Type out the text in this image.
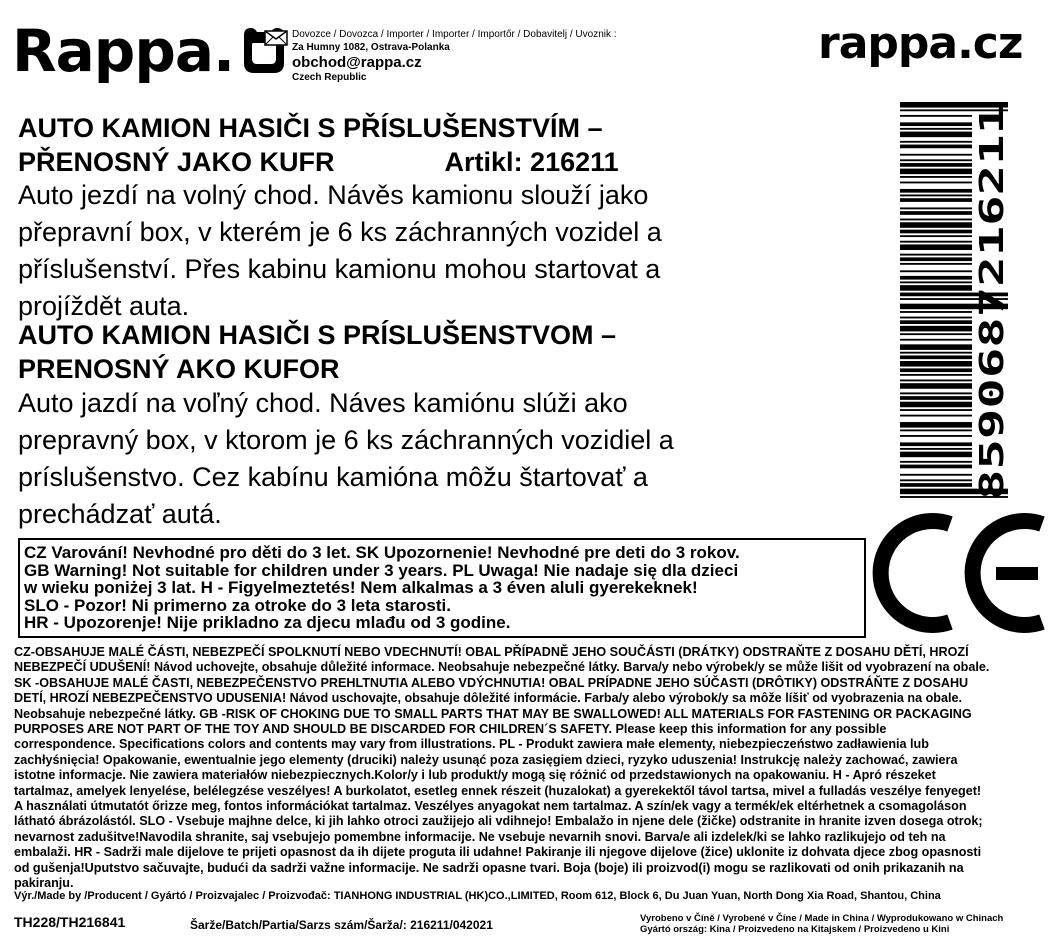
Rappa.	Dovozce / Dovozca / Importer / Importer / Importőr / Dobavitelj / Uvoznik :
Za Humny 1082, Ostrava-Polanka
obchod@rappa.cz
Czech Republic
rappa.cz
AUTO KAMION HASIČI S PŘÍSLUŠENSTVÍM –
PŘENOSNÝ JAKO KUFR	Artikl: 216211
Auto jezdí na volný chod. Návěs kamionu slouží jako
přepravní box, v kterém je 6 ks záchranných vozidel a
příslušenství. Přes kabinu kamionu mohou startovat a
projíždět auta.
AUTO KAMION HASIČI S PRÍSLUŠENSTVOM –
PRENOSNÝ AKO KUFOR
Auto jazdí na voľný chod. Náves kamiónu slúži ako
prepravný box, v ktorom je 6 ks záchranných vozidiel a
príslušenstvo. Cez kabínu kamióna môžu štartovať a
prechádzať autá.
8590687216211
CZ Varování! Nevhodné pro děti do 3 let. SK Upozornenie! Nevhodné pre deti do 3 rokov.
GB Warning! Not suitable for children under 3 years. PL Uwaga! Nie nadaje się dla dzieci
w wieku poniżej 3 lat. H - Figyelmeztetés! Nem alkalmas a 3 éven aluli gyerekeknek!
SLO - Pozor! Ni primerno za otroke do 3 leta starosti.
HR - Upozorenje! Nije prikladno za djecu mlađu od 3 godine.
CZ-OBSAHUJE MALÉ ČÁSTI, NEBEZPEČÍ SPOLKNUTÍ NEBO VDECHNUTÍ! OBAL PŘÍPADNĚ JEHO SOUČÁSTI (DRÁTKY) ODSTRAŇTE Z DOSAHU DĚTÍ, HROZÍ
NEBEZPEČÍ UDUŠENÍ! Návod uchovejte, obsahuje důležité informace. Neobsahuje nebezpečné látky. Barva/y nebo výrobek/y se může lišit od vyobrazení na obale.
SK -OBSAHUJE MALÉ ČASTI, NEBEZPEČENSTVO PREHLTNUTIA ALEBO VDÝCHNUTIA! OBAL PRÍPADNE JEHO SÚČASTI (DRÔTIKY) ODSTRÁŇTE Z DOSAHU
DETÍ, HROZÍ NEBEZPEČENSTVO UDUSENIA! Návod uschovajte, obsahuje dôležité informácie. Farba/y alebo výrobok/y sa môže líšiť od vyobrazenia na obale.
Neobsahuje nebezpečné látky. GB -RISK OF CHOKING DUE TO SMALL PARTS THAT MAY BE SWALLOWED! ALL MATERIALS FOR FASTENING OR PACKAGING
PURPOSES ARE NOT PART OF THE TOY AND SHOULD BE DISCARDED FOR CHILDREN´S SAFETY. Please keep this information for any possible
correspondence. Specifications colors and contents may vary from illustrations. PL - Produkt zawiera małe elementy, niebezpieczeństwo zadławienia lub
zachłyśnięcia! Opakowanie, ewentualnie jego elementy (druciki) należy usunąć poza zasięgiem dzieci, ryzyko uduszenia! Instrukcję należy zachować, zawiera
istotne informacje. Nie zawiera materiałów niebezpiecznych.Kolor/y i lub produkt/y mogą się różnić od przedstawionych na opakowaniu. H - Apró részeket
tartalmaz, amelyek lenyelése, belélegzése veszélyes! A burkolatot, esetleg ennek részeit (huzalokat) a gyerekektől távol tartsa, mivel a fulladás veszélye fenyeget!
A használati útmutatót őrizze meg, fontos információkat tartalmaz. Veszélyes anyagokat nem tartalmaz. A szín/ek vagy a termék/ek eltérhetnek a csomagoláson
látható ábrázolástól. SLO - Vsebuje majhne delce, ki jih lahko otroci zaužijejo ali vdihnejo! Embalažo in njene dele (žičke) odstranite in hranite izven dosega otrok;
nevarnost zadušitve!Navodila shranite, saj vsebujejo pomembne informacije. Ne vsebuje nevarnih snovi. Barva/e ali izdelek/ki se lahko razlikujejo od teh na
embalaži. HR - Sadrži male dijelove te prijeti opasnost da ih dijete proguta ili udahne! Pakiranje ili njegove dijelove (žice) uklonite iz dohvata djece zbog opasnosti
od gušenja!Uputstvo sačuvajte, budući da sadrži važne informacije. Ne sadrži opasne tvari. Boja (boje) ili proizvod(i) mogu se razlikovati od onih prikazanih na
pakiranju.
Výr./Made by /Producent / Gyártó / Proizvajalec / Proizvođač: TIANHONG INDUSTRIAL (HK)CO.,LIMITED, Room 612, Block 6, Du Juan Yuan, North Dong Xia Road, Shantou, China
TH228/TH216841	Šarže/Batch/Partia/Sarzs szám/Šarža/: 216211/042021	Vyrobeno v Číně / Vyrobené v Číne / Made in China / Wyprodukowano w Chinach
Gyártó ország: Kina / Proizvedeno na Kitajskem / Proizvedeno u Kini
